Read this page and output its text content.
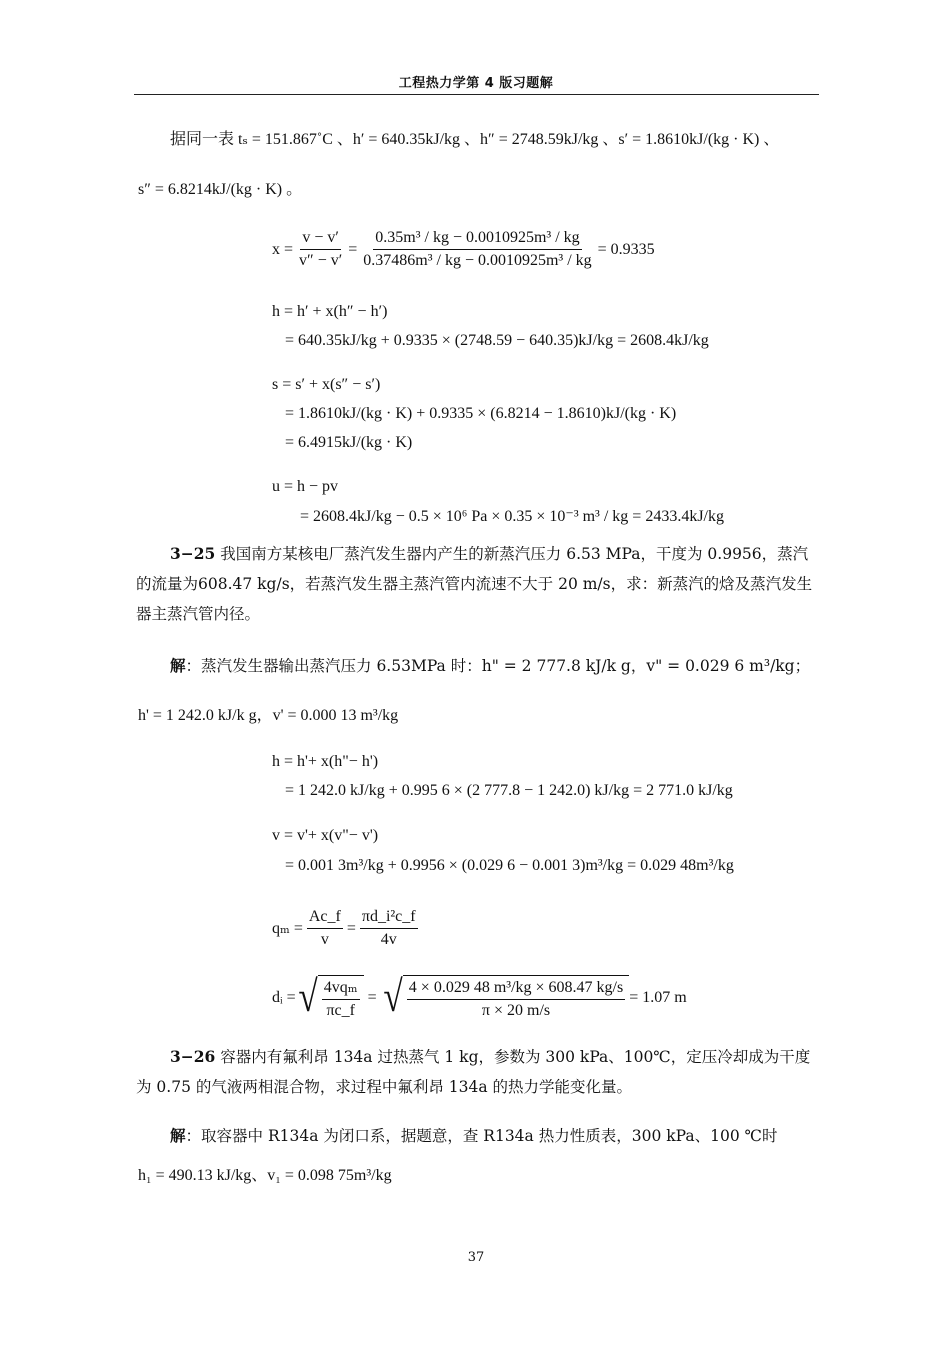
工程热力学第 4 版习题解
据同一表 tₛ = 151.867˚C 、h′ = 640.35kJ/kg 、h″ = 2748.59kJ/kg 、s′ = 1.8610kJ/(kg · K) 、
s″ = 6.8214kJ/(kg · K) 。
$x = \frac{v - v'}{v'' - v'} = \frac{\text{0.35m³ / kg − 0.0010925m³ / kg}}{\text{0.37486m³ / kg − 0.0010925m³ / kg}} = 0.9335$
h = h′ + x(h″ − h′)
= 640.35kJ/kg + 0.9335 × (2748.59 − 640.35)kJ/kg = 2608.4kJ/kg
s = s′ + x(s″ − s′)
= 1.8610kJ/(kg · K) + 0.9335 × (6.8214 − 1.8610)kJ/(kg · K)
= 6.4915kJ/(kg · K)
u = h − pv
= 2608.4kJ/kg − 0.5 × 10⁶ Pa × 0.35 × 10⁻³ m³ / kg = 2433.4kJ/kg
3−25 我国南方某核电厂蒸汽发生器内产生的新蒸汽压力 6.53 MPa，干度为 0.9956，蒸汽的流量为608.47 kg/s，若蒸汽发生器主蒸汽管内流速不大于 20 m/s，求：新蒸汽的焓及蒸汽发生器主蒸汽管内径。
解：蒸汽发生器输出蒸汽压力 6.53MPa 时：h" = 2 777.8 kJ/k g，v" = 0.029 6 m³/kg；
h' = 1 242.0 kJ/k g，v' = 0.000 13 m³/kg
h = h'+ x(h"− h')
= 1 242.0 kJ/kg + 0.995 6 × (2 777.8 − 1 242.0) kJ/kg = 2 771.0 kJ/kg
v = v'+ x(v"− v')
= 0.001 3m³/kg + 0.9956 × (0.029 6 − 0.001 3)m³/kg = 0.029 48m³/kg
$q_m = \frac{Ac\_f}{v} = \frac{\text{πd\_i²c\_f}}{4v}$
dᵢ = √ $\frac{\text{4vqₘ}}{\pi c\_f}$ = √ $\frac{\text{4 × 0.029 48 m³/kg × 608.47 kg/s}}{\pi \times 20 m/s} = 1.07$ m
3−26 容器内有氟利昂 134a 过热蒸气 1 kg，参数为 300 kPa、100℃，定压冷却成为干度为 0.75 的气液两相混合物，求过程中氟利昂 134a 的热力学能变化量。
解：取容器中 R134a 为闭口系，据题意，查 R134a 热力性质表，300 kPa、100 ℃时
h₁ = 490.13 kJ/kg、v₁ = 0.098 75m³/kg
37
